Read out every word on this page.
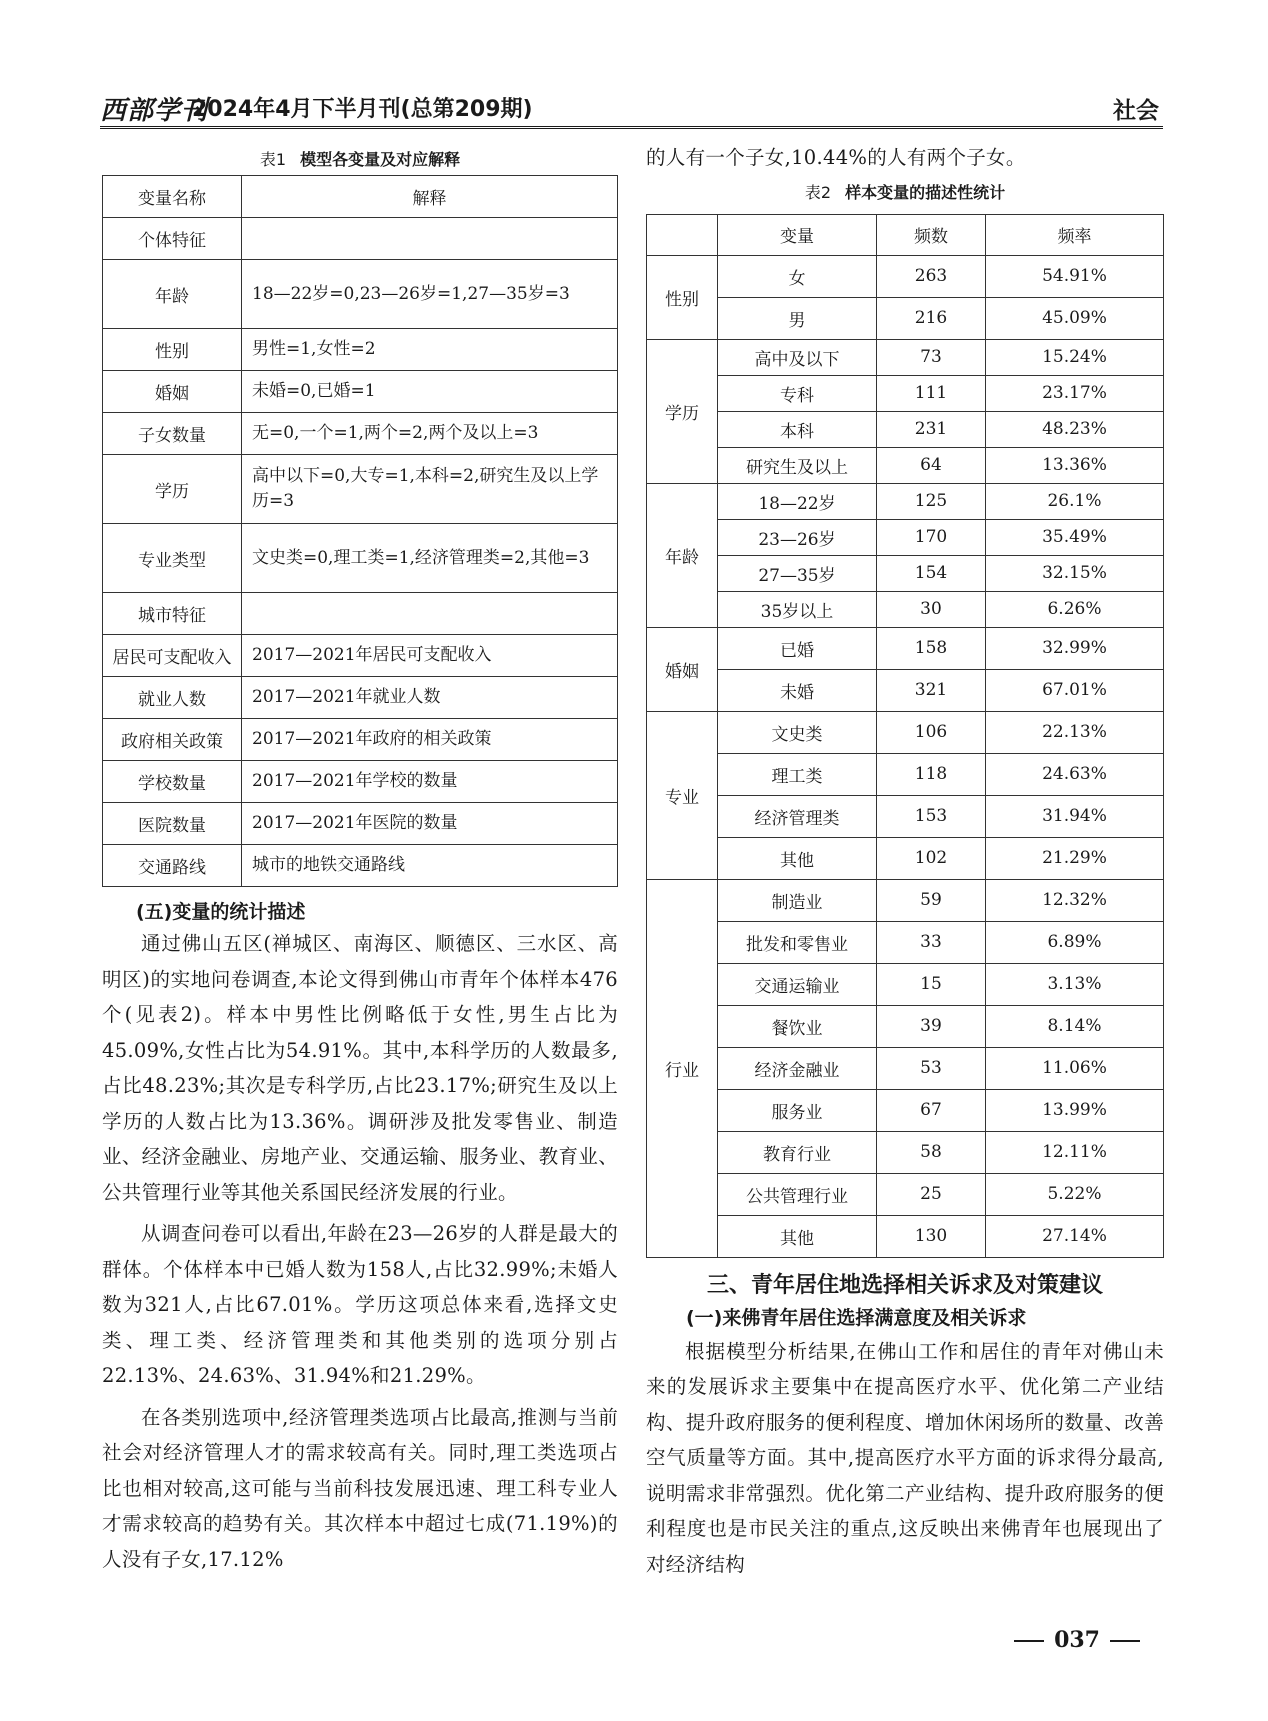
西部学刊
2024年4月下半月刊(总第209期)	社会
表1 模型各变量及对应解释
变量名称	解释
个体特征	
年龄	18—22岁=0,23—26岁=1,27—35岁=3
性别	男性=1,女性=2
婚姻	未婚=0,已婚=1
子女数量	无=0,一个=1,两个=2,两个及以上=3
学历	高中以下=0,大专=1,本科=2,研究生及以上学历=3
专业类型	文史类=0,理工类=1,经济管理类=2,其他=3
城市特征	
居民可支配收入	2017—2021年居民可支配收入
就业人数	2017—2021年就业人数
政府相关政策	2017—2021年政府的相关政策
学校数量	2017—2021年学校的数量
医院数量	2017—2021年医院的数量
交通路线	城市的地铁交通路线
(五)变量的统计描述

通过佛山五区(禅城区、南海区、顺德区、三水区、高明区)的实地问卷调查,本论文得到佛山市青年个体样本476个(见表2)。样本中男性比例略低于女性,男生占比为45.09%,女性占比为54.91%。其中,本科学历的人数最多,占比48.23%;其次是专科学历,占比23.17%;研究生及以上学历的人数占比为13.36%。调研涉及批发零售业、制造业、经济金融业、房地产业、交通运输、服务业、教育业、公共管理行业等其他关系国民经济发展的行业。

从调查问卷可以看出,年龄在23—26岁的人群是最大的群体。个体样本中已婚人数为158人,占比32.99%;未婚人数为321人,占比67.01%。学历这项总体来看,选择文史类、理工类、经济管理类和其他类别的选项分别占22.13%、24.63%、31.94%和21.29%。

在各类别选项中,经济管理类选项占比最高,推测与当前社会对经济管理人才的需求较高有关。同时,理工类选项占比也相对较高,这可能与当前科技发展迅速、理工科专业人才需求较高的趋势有关。其次样本中超过七成(71.19%)的人没有子女,17.12%

的人有一个子女,10.44%的人有两个子女。

表2 样本变量的描述性统计
	变量	频数	频率
性别	女	263	54.91%
	男	216	45.09%
学历	高中及以下	73	15.24%
	专科	111	23.17%
	本科	231	48.23%
	研究生及以上	64	13.36%
年龄	18—22岁	125	26.1%
	23—26岁	170	35.49%
	27—35岁	154	32.15%
	35岁以上	30	6.26%
婚姻	已婚	158	32.99%
	未婚	321	67.01%
专业	文史类	106	22.13%
	理工类	118	24.63%
	经济管理类	153	31.94%
	其他	102	21.29%
行业	制造业	59	12.32%
	批发和零售业	33	6.89%
	交通运输业	15	3.13%
	餐饮业	39	8.14%
	经济金融业	53	11.06%
	服务业	67	13.99%
	教育行业	58	12.11%
	公共管理行业	25	5.22%
	其他	130	27.14%
三、青年居住地选择相关诉求及对策建议
(一)来佛青年居住选择满意度及相关诉求

根据模型分析结果,在佛山工作和居住的青年对佛山未来的发展诉求主要集中在提高医疗水平、优化第二产业结构、提升政府服务的便利程度、增加休闲场所的数量、改善空气质量等方面。其中,提高医疗水平方面的诉求得分最高,说明需求非常强烈。优化第二产业结构、提升政府服务的便利程度也是市民关注的重点,这反映出来佛青年也展现出了对经济结构

037
